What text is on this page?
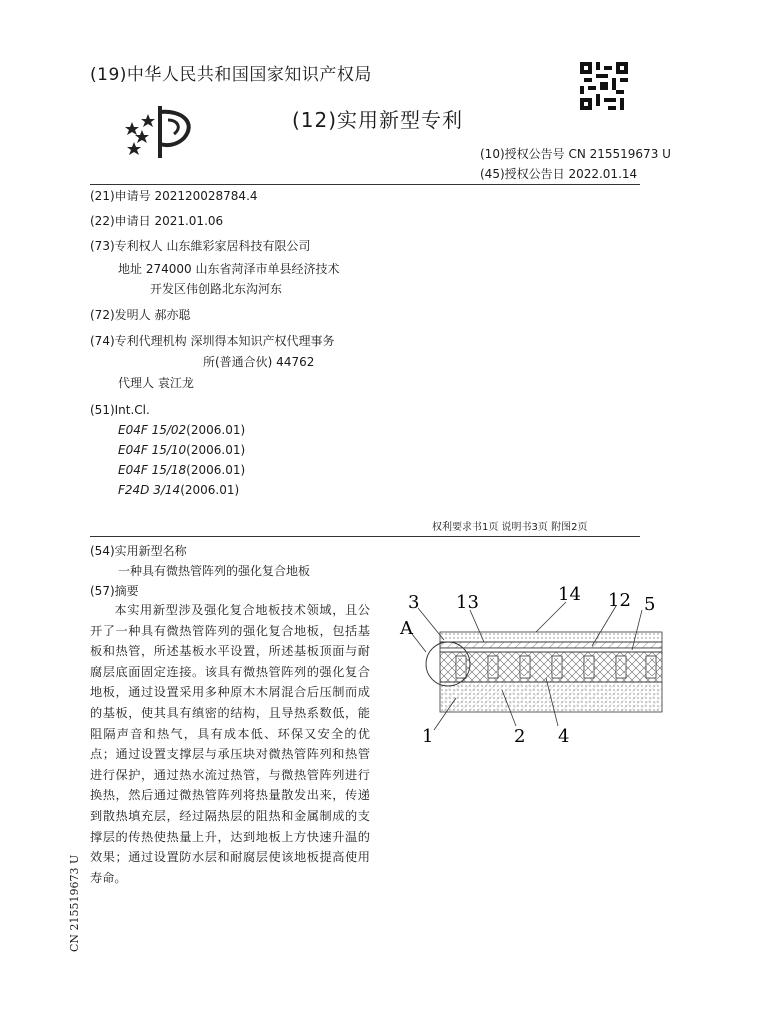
(19)中华人民共和国国家知识产权局
(12)实用新型专利
(10)授权公告号 CN 215519673 U
(45)授权公告日 2022.01.14
(21)申请号 202120028784.4
(22)申请日 2021.01.06
(73)专利权人 山东維彩家居科技有限公司
地址 274000 山东省菏泽市单县经济技术
开发区伟创路北东沟河东
(72)发明人 郝亦聪
(74)专利代理机构 深圳得本知识产权代理事务
所(普通合伙) 44762
代理人 袁江龙
(51)Int.Cl.
E04F 15/02(2006.01)
E04F 15/10(2006.01)
E04F 15/18(2006.01)
F24D 3/14(2006.01)
权利要求书1页 说明书3页 附图2页
(54)实用新型名称
一种具有微热管阵列的强化复合地板
(57)摘要
本实用新型涉及强化复合地板技术领域，且公开了一种具有微热管阵列的强化复合地板，包括基板和热管，所述基板水平设置，所述基板顶面与耐腐层底面固定连接。该具有微热管阵列的强化复合地板，通过设置采用多种原木木屑混合后压制而成的基板，使其具有缜密的结构，且导热系数低，能阻隔声音和热气，具有成本低、环保又安全的优点；通过设置支撑层与承压块对微热管阵列和热管进行保护，通过热水流过热管，与微热管阵列进行换热，然后通过微热管阵列将热量散发出来，传递到散热填充层，经过隔热层的阻热和金属制成的支撑层的传热使热量上升，达到地板上方快速升温的效果；通过设置防水层和耐腐层使该地板提高使用寿命。
3 13	14 12 5
A
1	2 4
CN 215519673 U
